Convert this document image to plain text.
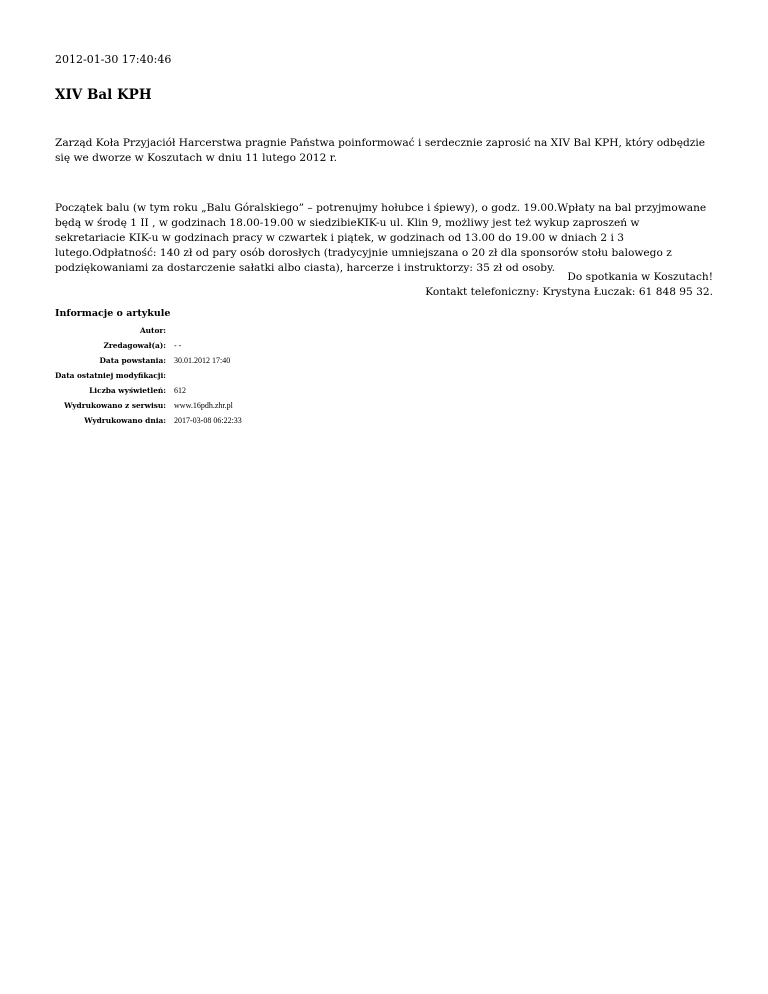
2012-01-30 17:40:46
XIV Bal KPH

Zarząd Koła Przyjaciół Harcerstwa pragnie Państwa poinformować i serdecznie zaprosić na XIV Bal KPH, który odbędzie się we dworze w Koszutach w dniu 11 lutego 2012 r.

Początek balu (w tym roku „Balu Góralskiego” – potrenujmy hołubce i śpiewy), o godz. 19.00.Wpłaty na bal przyjmowane będą w środę 1 II , w godzinach 18.00-19.00 w siedzibieKIK-u ul. Klin 9, możliwy jest też wykup zaproszeń w sekretariacie KIK-u w godzinach pracy w czwartek i piątek, w godzinach od 13.00 do 19.00 w dniach 2 i 3 lutego.Odpłatność: 140 zł od pary osób dorosłych (tradycyjnie umniejszana o 20 zł dla sponsorów stołu balowego z podziękowaniami za dostarczenie sałatki albo ciasta), harcerze i instruktorzy: 35 zł od osoby.

Do spotkania w Koszutach!
Kontakt telefoniczny: Krystyna Łuczak: 61 848 95 32.
Informacje o artykule
Autor:	
Zredagował(a):	- -
Data powstania:	30.01.2012 17:40
Data ostatniej modyfikacji:	
Liczba wyświetleń:	612
Wydrukowano z serwisu:	www.16pdh.zhr.pl
Wydrukowano dnia:	2017-03-08 06:22:33
